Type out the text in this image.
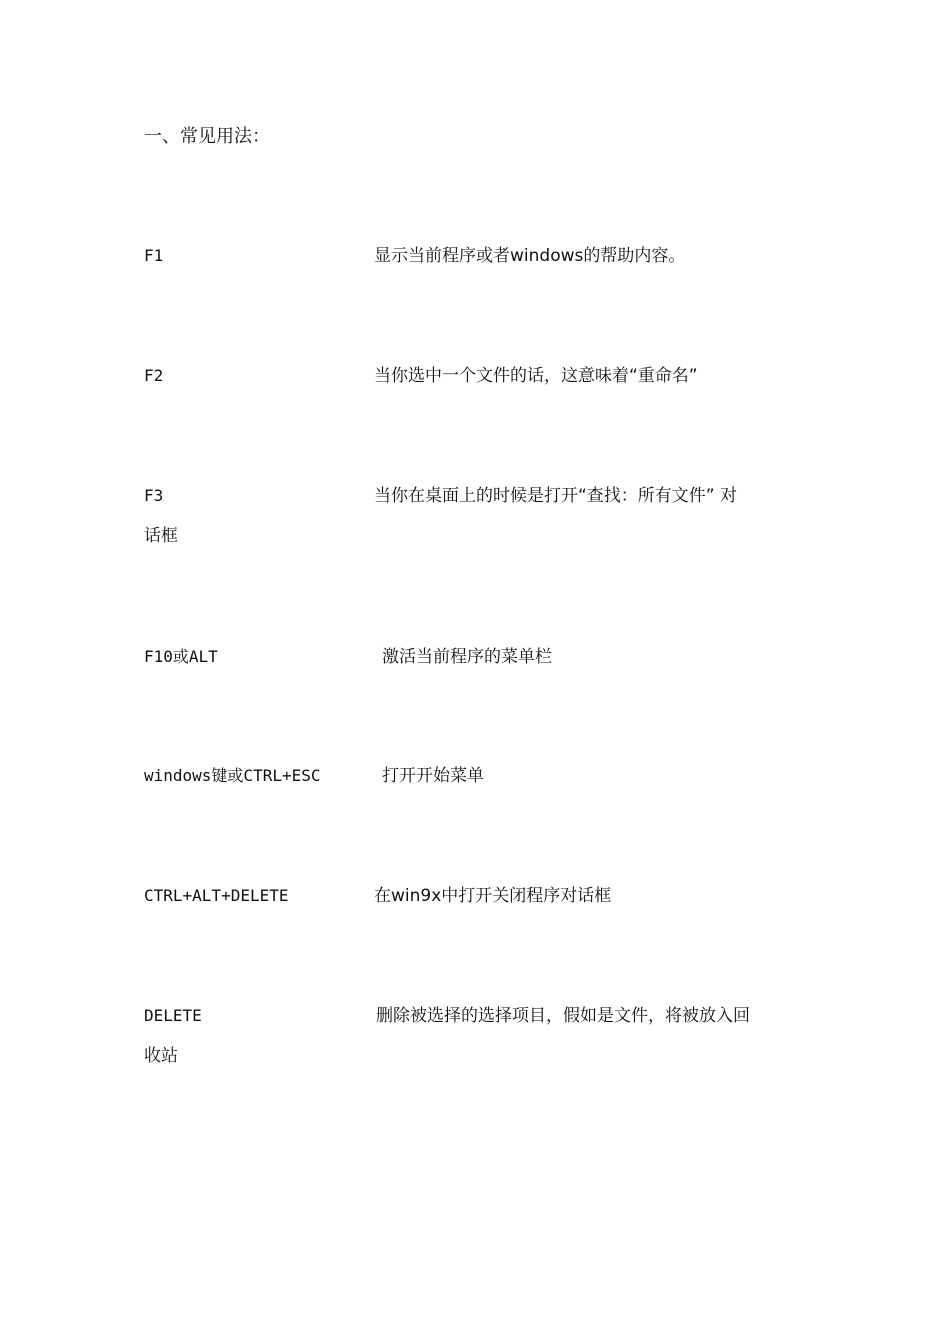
一、常见用法：
F1	显示当前程序或者windows的帮助内容。
F2	当你选中一个文件的话，这意味着“重命名”
F3	当你在桌面上的时候是打开“查找：所有文件” 对
话框
F10或ALT	激活当前程序的菜单栏
windows键或CTRL+ESC	打开开始菜单
CTRL+ALT+DELETE	在win9x中打开关闭程序对话框
DELETE	删除被选择的选择项目，假如是文件，将被放入回
收站
